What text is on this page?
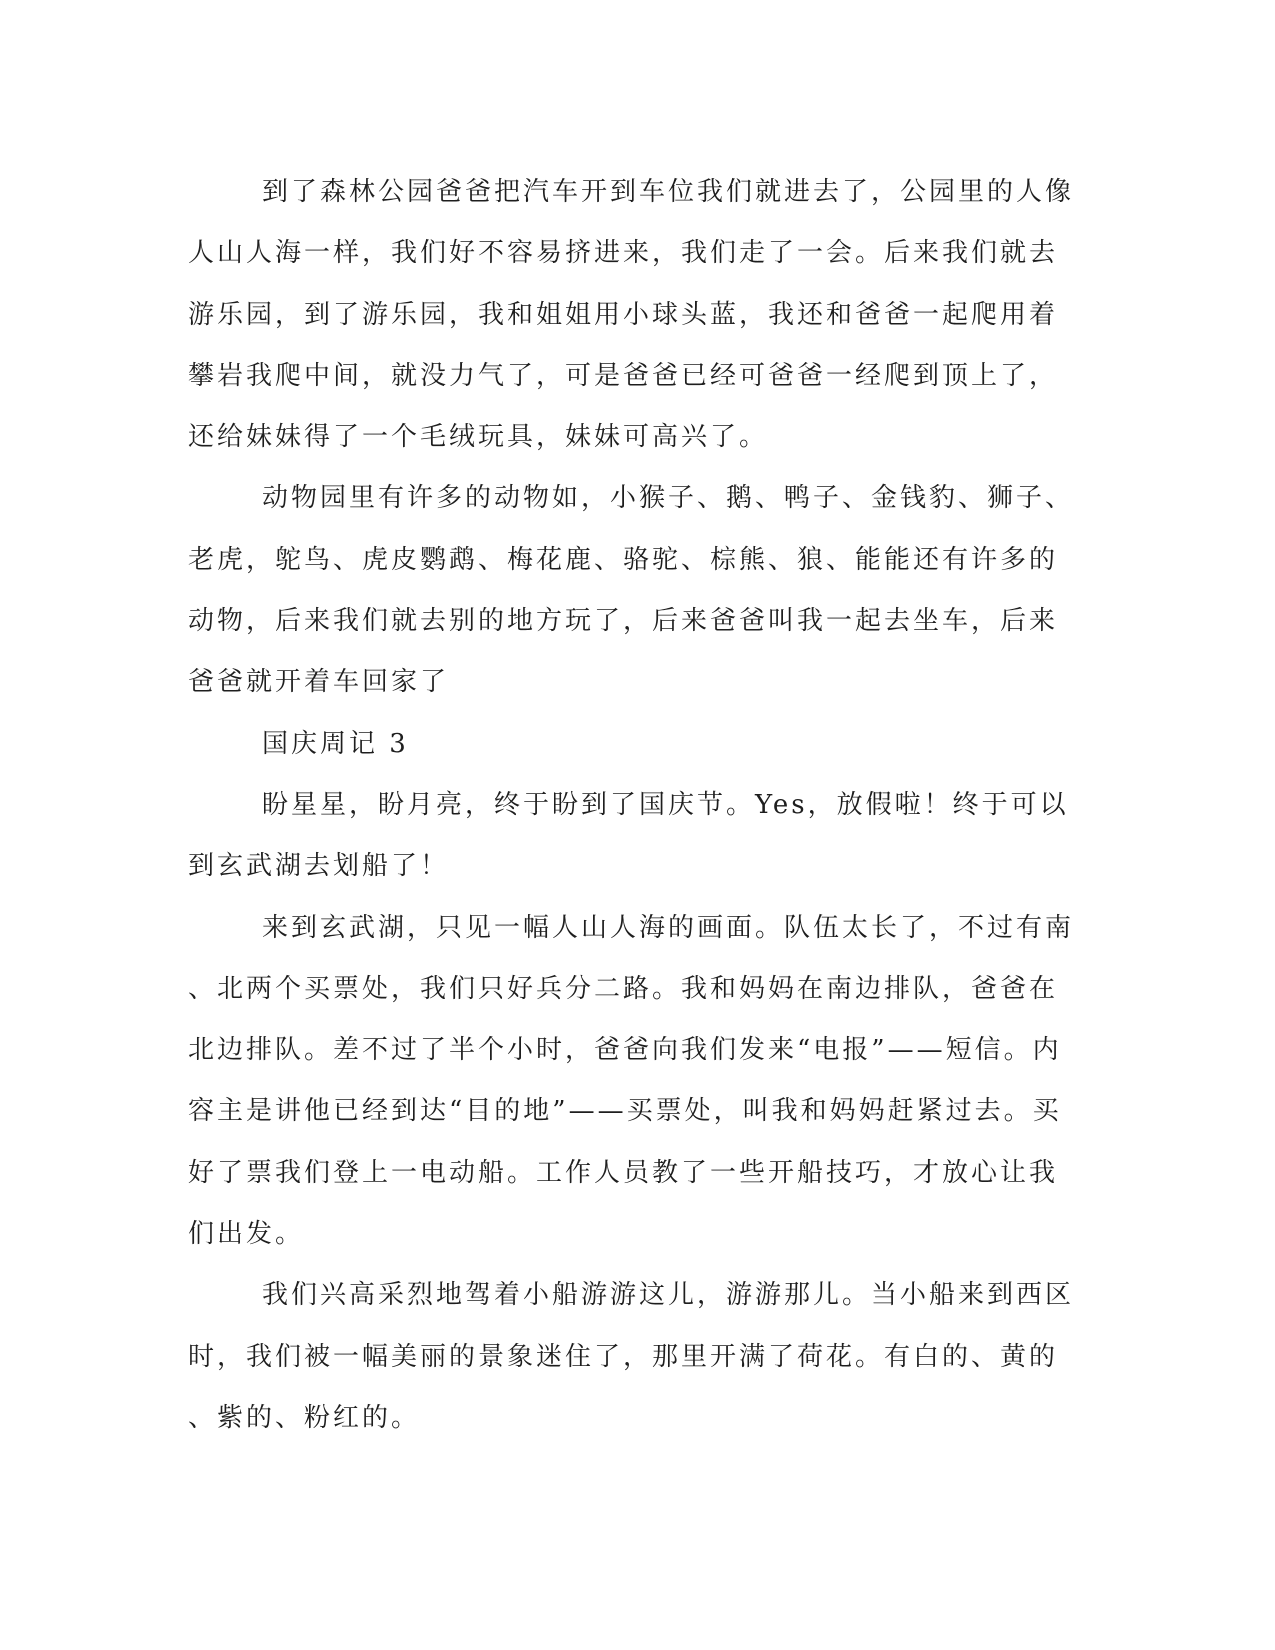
到了森林公园爸爸把汽车开到车位我们就进去了，公园里的人像
人山人海一样，我们好不容易挤进来，我们走了一会。后来我们就去
游乐园，到了游乐园，我和姐姐用小球头蓝，我还和爸爸一起爬用着
攀岩我爬中间，就没力气了，可是爸爸已经可爸爸一经爬到顶上了，
还给妹妹得了一个毛绒玩具，妹妹可高兴了。
动物园里有许多的动物如，小猴子、鹅、鸭子、金钱豹、狮子、
老虎，鸵鸟、虎皮鹦鹉、梅花鹿、骆驼、棕熊、狼、能能还有许多的
动物，后来我们就去别的地方玩了，后来爸爸叫我一起去坐车，后来
爸爸就开着车回家了
国庆周记 3
盼星星，盼月亮，终于盼到了国庆节。Yes，放假啦！终于可以
到玄武湖去划船了！
来到玄武湖，只见一幅人山人海的画面。队伍太长了，不过有南
、北两个买票处，我们只好兵分二路。我和妈妈在南边排队，爸爸在
北边排队。差不过了半个小时，爸爸向我们发来“电报”——短信。内
容主是讲他已经到达“目的地”——买票处，叫我和妈妈赶紧过去。买
好了票我们登上一电动船。工作人员教了一些开船技巧，才放心让我
们出发。
我们兴高采烈地驾着小船游游这儿，游游那儿。当小船来到西区
时，我们被一幅美丽的景象迷住了，那里开满了荷花。有白的、黄的
、紫的、粉红的。
